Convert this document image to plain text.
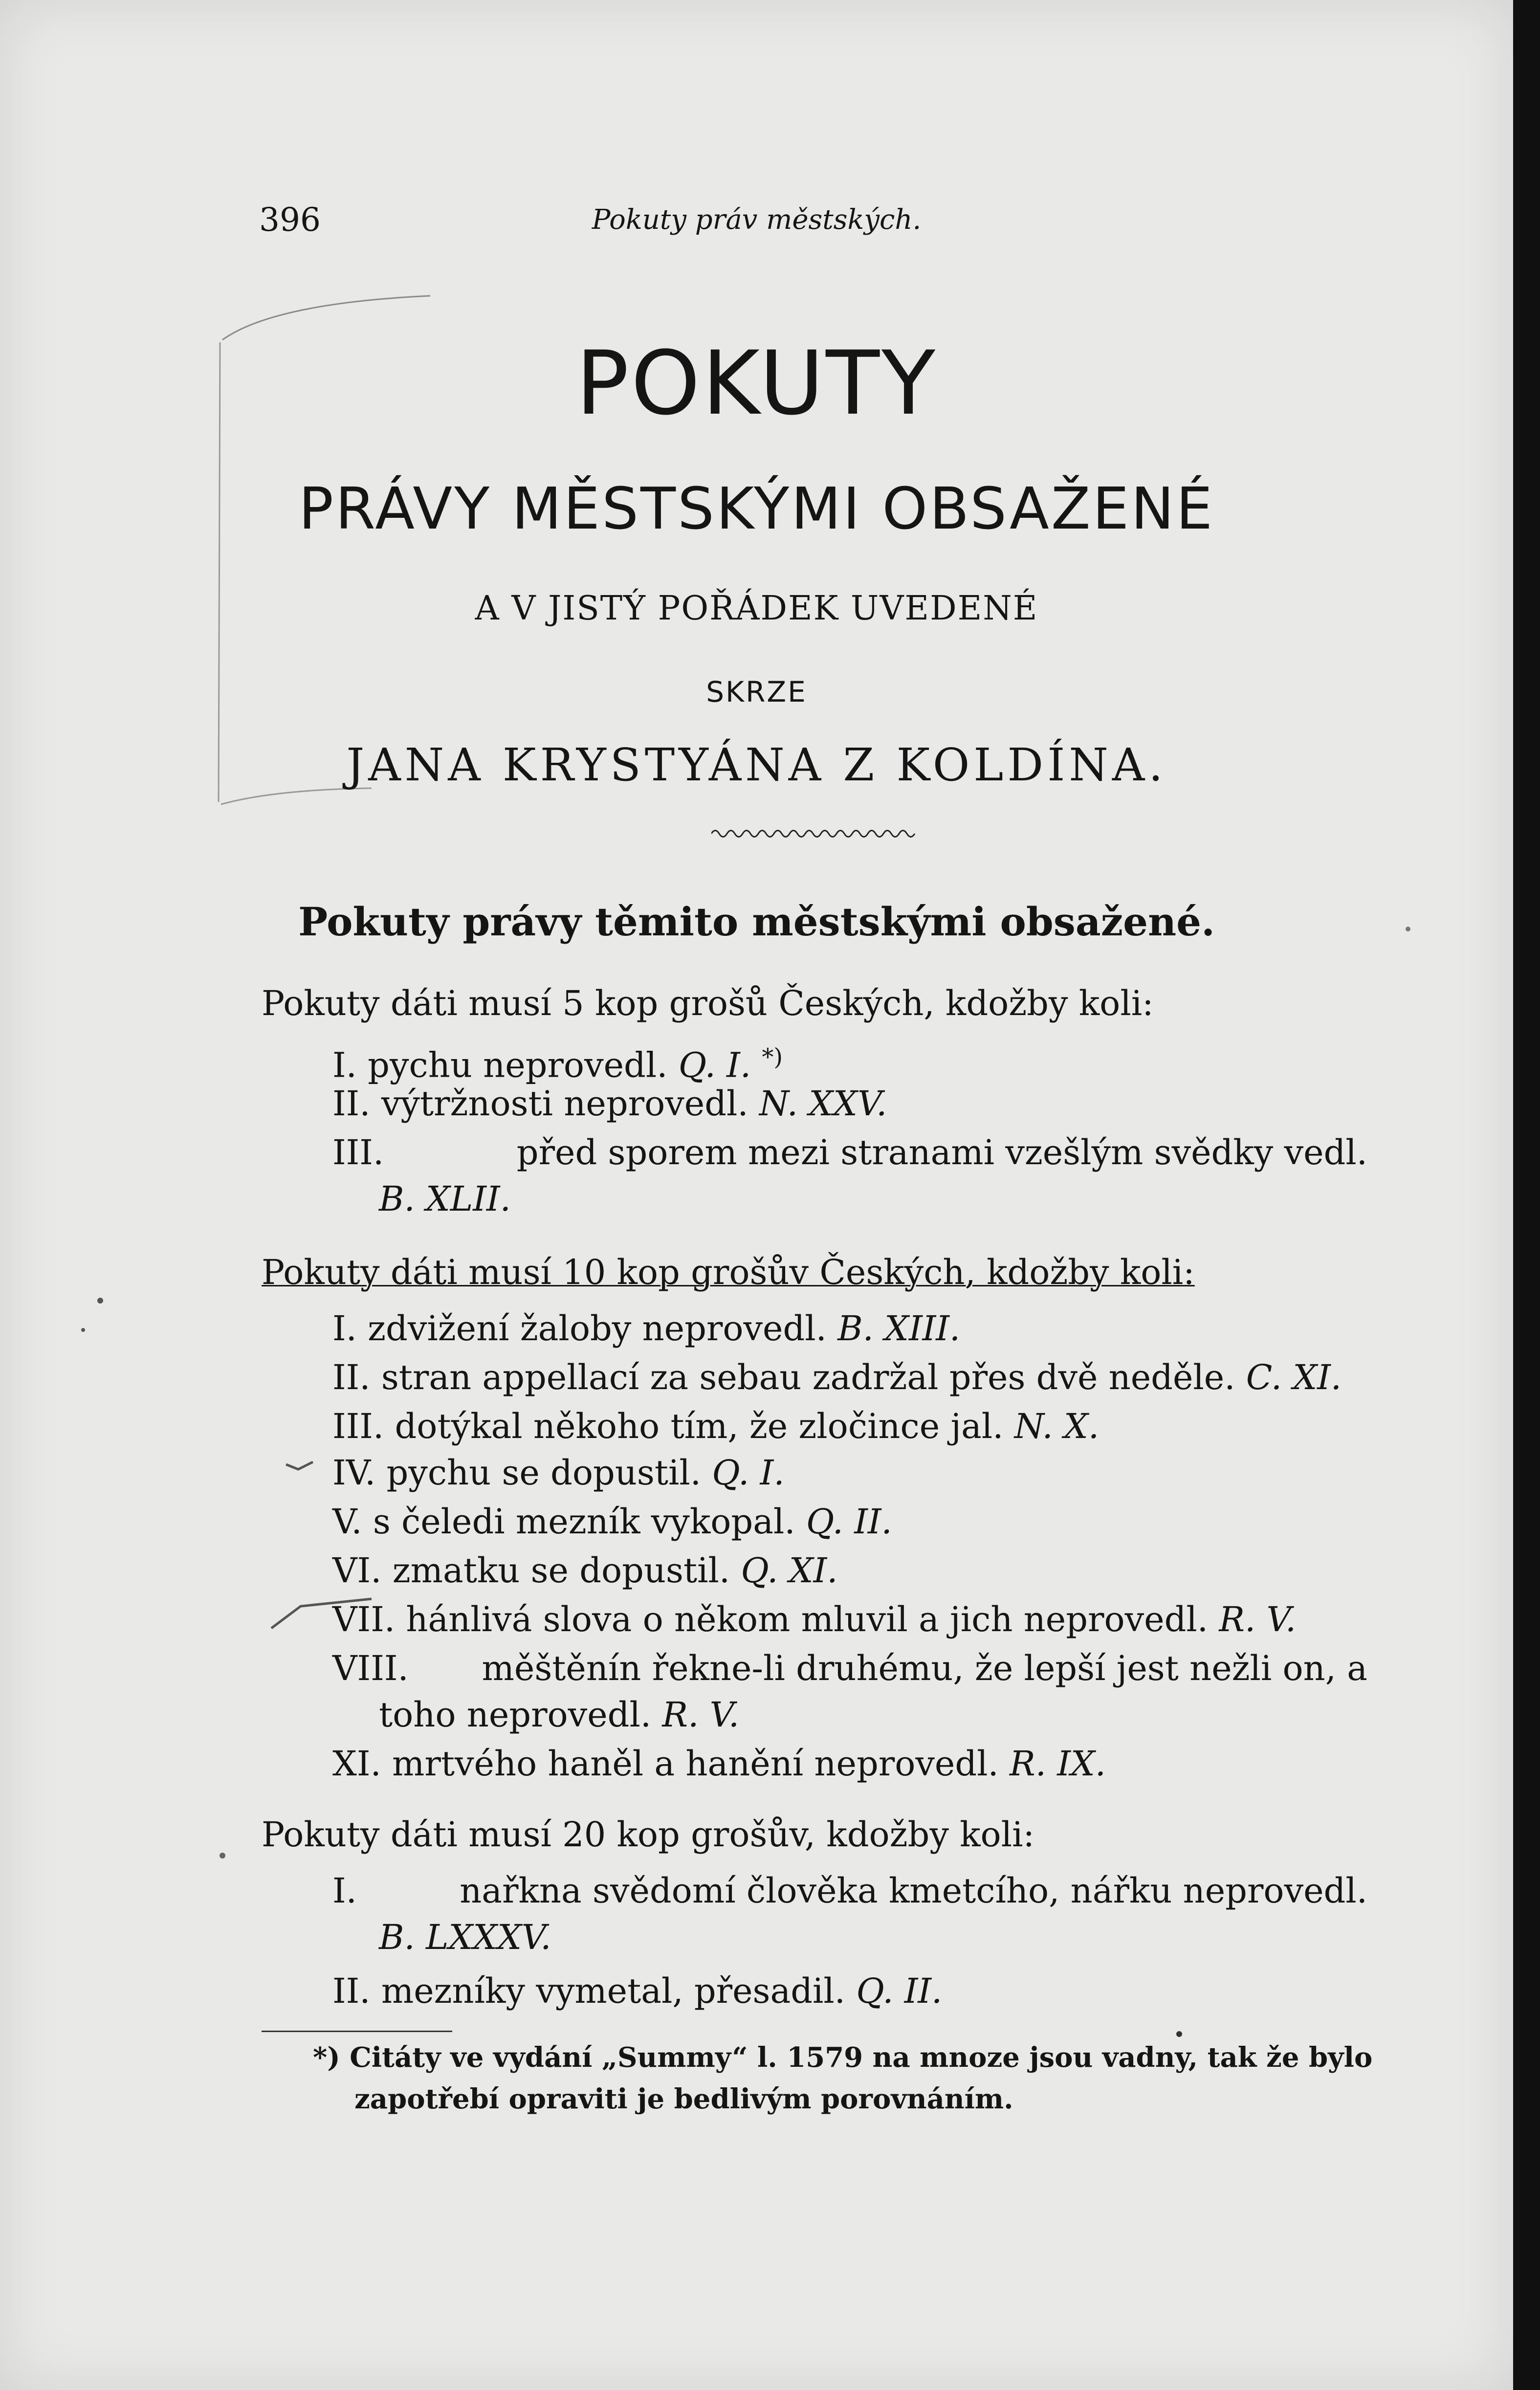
396	Pokuty práv městských.
POKUTY
PRÁVY MĚSTSKÝMI OBSAŽENÉ
A V JISTÝ POŘÁDEK UVEDENÉ
SKRZE
JANA KRYSTYÁNA Z KOLDÍNA.
Pokuty právy těmito městskými obsažené.
Pokuty dáti musí 5 kop grošů Českých, kdožby koli:
I. pychu neprovedl. Q. I. *)
II. výtržnosti neprovedl. N. XXV.
III.	před sporem mezi stranami vzešlým svědky vedl.
B. XLII.
Pokuty dáti musí 10 kop grošův Českých, kdožby koli:
I. zdvižení žaloby neprovedl. B. XIII.
II. stran appellací za sebau zadržal přes dvě neděle. C. XI.
III. dotýkal někoho tím, že zločince jal. N. X.
IV. pychu se dopustil. Q. I.
V. s čeledi mezník vykopal. Q. II.
VI. zmatku se dopustil. Q. XI.
VII. hánlivá slova o někom mluvil a jich neprovedl. R. V.
VIII. měštěnín řekne-li druhému, že lepší jest nežli on, a
toho neprovedl. R. V.
XI. mrtvého haněl a hanění neprovedl. R. IX.
Pokuty dáti musí 20 kop grošův, kdožby koli:
I.	nařkna svědomí člověka kmetcího, nářku neprovedl.
B. LXXXV.
II. mezníky vymetal, přesadil. Q. II.
*) Citáty ve vydání „Summy“ l. 1579 na mnoze jsou vadny, tak že bylo
zapotřebí opraviti je bedlivým porovnáním.
